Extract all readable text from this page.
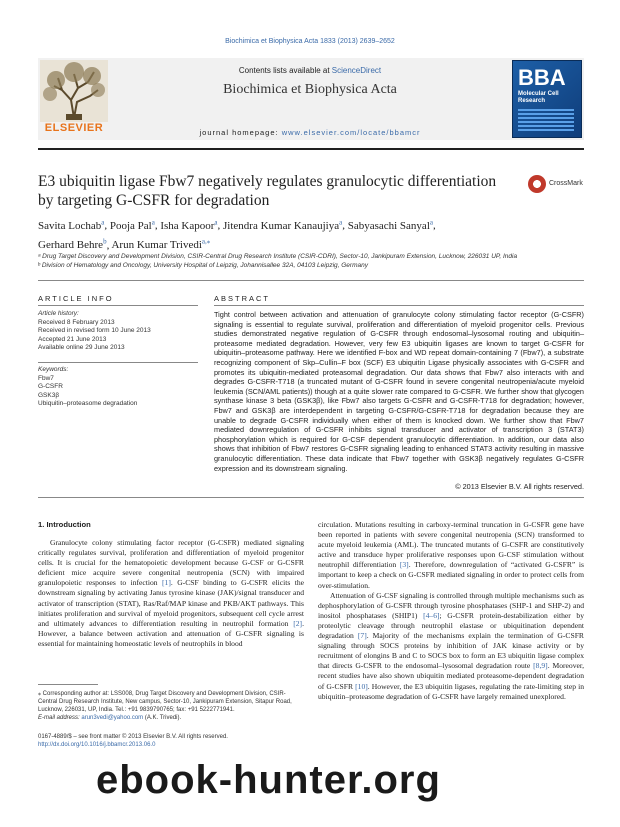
Biochimica et Biophysica Acta 1833 (2013) 2639–2652
Contents lists available at ScienceDirect
Biochimica et Biophysica Acta
journal homepage: www.elsevier.com/locate/bbamcr
ELSEVIER
BBA
Molecular Cell Research
E3 ubiquitin ligase Fbw7 negatively regulates granulocytic differentiation by targeting G-CSFR for degradation
CrossMark
Savita Lochab$^a$, Pooja Pal$^a$, Isha Kapoor$^a$, Jitendra Kumar Kanaujiya$^a$, Sabyasachi Sanyal$^a$,
Gerhard Behre$^b$, Arun Kumar Trivedi$^{a,⁎}$
ᵃ Drug Target Discovery and Development Division, CSIR-Central Drug Research Institute (CSIR-CDRI), Sector-10, Jankipuram Extension, Lucknow, 226031 UP, India
ᵇ Division of Hematology and Oncology, University Hospital of Leipzig, Johannisallee 32A, 04103 Leipzig, Germany
ARTICLE INFO
Article history:
Received 8 February 2013
Received in revised form 10 June 2013
Accepted 21 June 2013
Available online 29 June 2013
Keywords:
Fbw7
G-CSFR
GSK3β
Ubiquitin–proteasome degradation
ABSTRACT
Tight control between activation and attenuation of granulocyte colony stimulating factor receptor (G-CSFR) signaling is essential to regulate survival, proliferation and differentiation of myeloid progenitor cells. Previous studies demonstrated negative regulation of G-CSFR through endosomal–lysosomal routing and ubiquitin–proteasome mediated degradation. However, very few E3 ubiquitin ligases are known to target G-CSFR for ubiquitin–proteasome pathway. Here we identified F-box and WD repeat domain-containing 7 (Fbw7), a substrate recognizing component of Skp–Cullin–F box (SCF) E3 ubiquitin Ligase physically associates with G-CSFR and promotes its ubiquitin-mediated proteasomal degradation. Our data shows that Fbw7 also interacts with and degrades G-CSFR-T718 (a truncated mutant of G-CSFR found in severe congenital neutropenia/acute myeloid leukemia (SCN/AML patients)) though at a quite slower rate compared to G-CSFR. We further show that glycogen synthase kinase 3 beta (GSK3β), like Fbw7 also targets G-CSFR and G-CSFR-T718 for degradation; however, Fbw7 and GSK3β are interdependent in targeting G-CSFR/G-CSFR-T718 for degradation because they are unable to degrade G-CSFR individually when either of them is knocked down. We further show that Fbw7 mediated downregulation of G-CSFR inhibits signal transducer and activator of transcription 3 (STAT3) phosphorylation which is required for G-CSF dependent granulocytic differentiation. In addition, our data also shows that inhibition of Fbw7 restores G-CSFR signaling leading to enhanced STAT3 activity resulting in massive granulocytic differentiation. These data indicate that Fbw7 together with GSK3β negatively regulates G-CSFR expression and its downstream signaling.
© 2013 Elsevier B.V. All rights reserved.
1. Introduction

Granulocyte colony stimulating factor receptor (G-CSFR) mediated signaling critically regulates survival, proliferation and differentiation of myeloid progenitor cells. It is crucial for the hematopoietic development because G-CSF or G-CSFR deficient mice acquire severe congenital neutropenia (SCN) with impaired granulopoietic responses to infection [1]. G-CSF binding to G-CSFR elicits the downstream signaling by activating Janus tyrosine kinase (JAK)/signal transducer and activator of transcription (STAT), Ras/Raf/MAP kinase and PKB/AKT pathways. This initiates proliferation and survival of myeloid progenitors, subsequent cell cycle arrest and ultimately advances to differentiation resulting in neutrophil formation [2]. However, a balance between activation and attenuation of G-CSFR signaling is essential for maintaining homeostatic levels of neutrophils in blood

circulation. Mutations resulting in carboxy-terminal truncation in G-CSFR gene have been reported in patients with severe congenital neutropenia (SCN) transformed to acute myeloid leukemia (AML). The truncated mutants of G-CSFR are constitutively active and transduce hyper proliferative responses upon G-CSF stimulation without neutrophil differentiation [3]. Therefore, downregulation of “activated G-CSFR” is important to keep a check on G-CSFR mediated signaling in order to protect cells from over-stimulation.

Attenuation of G-CSF signaling is controlled through multiple mechanisms such as dephosphorylation of G-CSFR through tyrosine phosphatases (SHP-1 and SHP-2) and inositol phosphatases (SHIP1) [4–6]; G-CSFR protein-destabilization either by proteolytic cleavage through neutrophil elastase or ubiquitination dependent degradation [7]. Majority of the mechanisms explain the termination of G-CSFR signaling through SOCS proteins by inhibition of JAK kinase activity or by recruitment of elongins B and C to SOCS box to form an E3 ubiquitin ligase complex that directs G-CSFR to the endosomal–lysosomal degradation route [8,9]. Moreover, recent studies have also shown ubiquitin mediated proteasome-dependent degradation of G-CSFR [10]. However, the E3 ubiquitin ligases, regulating the rate-limiting step in ubiquitin–proteasome degradation of G-CSFR have largely remained unexplored.

⁎ Corresponding author at: LSS008, Drug Target Discovery and Development Division, CSIR-Central Drug Research Institute, New campus, Sector-10, Jankipuram Extension, Sitapur Road, Lucknow, 226031, UP, India. Tel.: +91 9839790765; fax: +91 5222771941.
E-mail address: arun3vedi@yahoo.com (A.K. Trivedi).
0167-4889/$ – see front matter © 2013 Elsevier B.V. All rights reserved.
http://dx.doi.org/10.1016/j.bbamcr.2013.06.0
ebook-hunter.org
